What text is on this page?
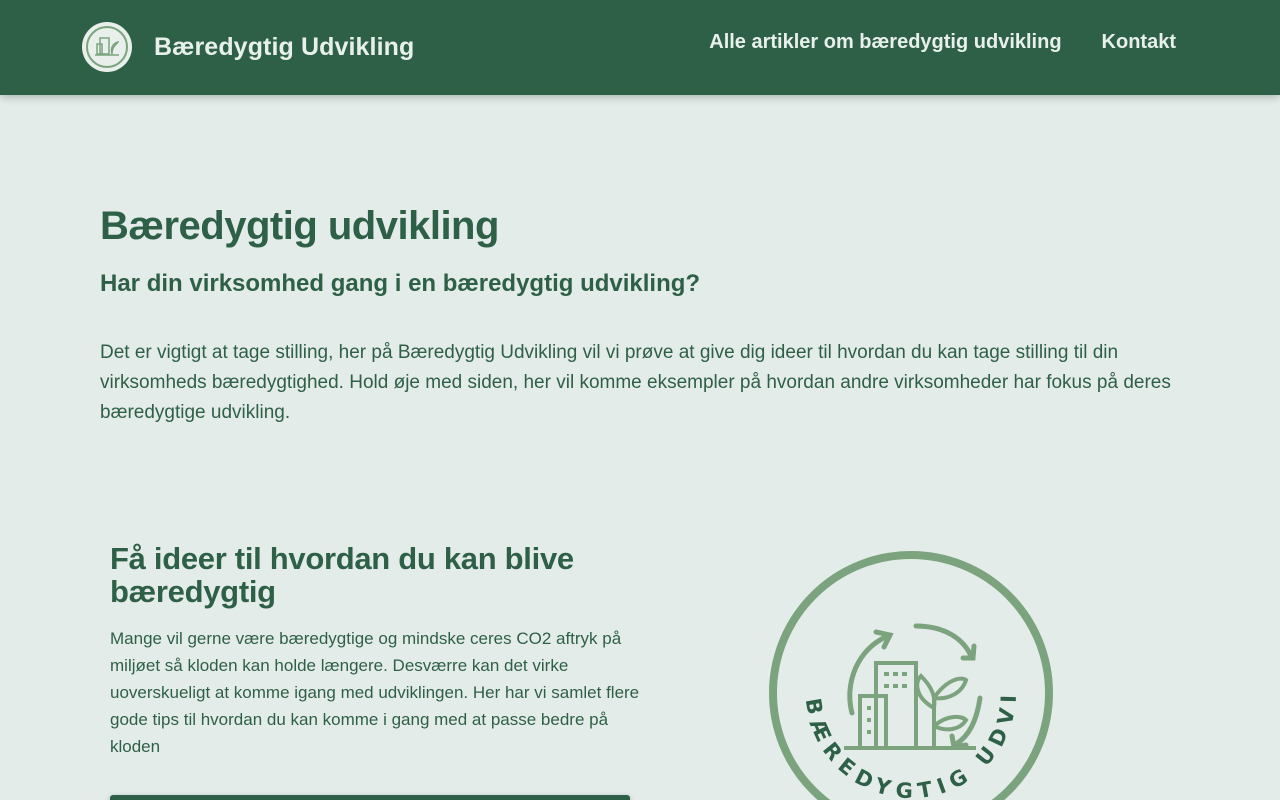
Bæredygtig Udvikling	Alle artikler om bæredygtig udvikling Kontakt
Bæredygtig udvikling
Har din virksomhed gang i en bæredygtig udvikling?

Det er vigtigt at tage stilling, her på Bæredygtig Udvikling vil vi prøve at give dig ideer til hvordan du kan tage stilling til din virksomheds bæredygtighed. Hold øje med siden, her vil komme eksempler på hvordan andre virksomheder har fokus på deres bæredygtige udvikling.

Få ideer til hvordan du kan blive bæredygtig

Mange vil gerne være bæredygtige og mindske ceres CO2 aftryk på miljøet så kloden kan holde længere. Desværre kan det virke uoverskueligt at komme igang med udviklingen. Her har vi samlet flere gode tips til hvordan du kan komme i gang med at passe bedre på kloden

BÆREDYGTIG UDVI
